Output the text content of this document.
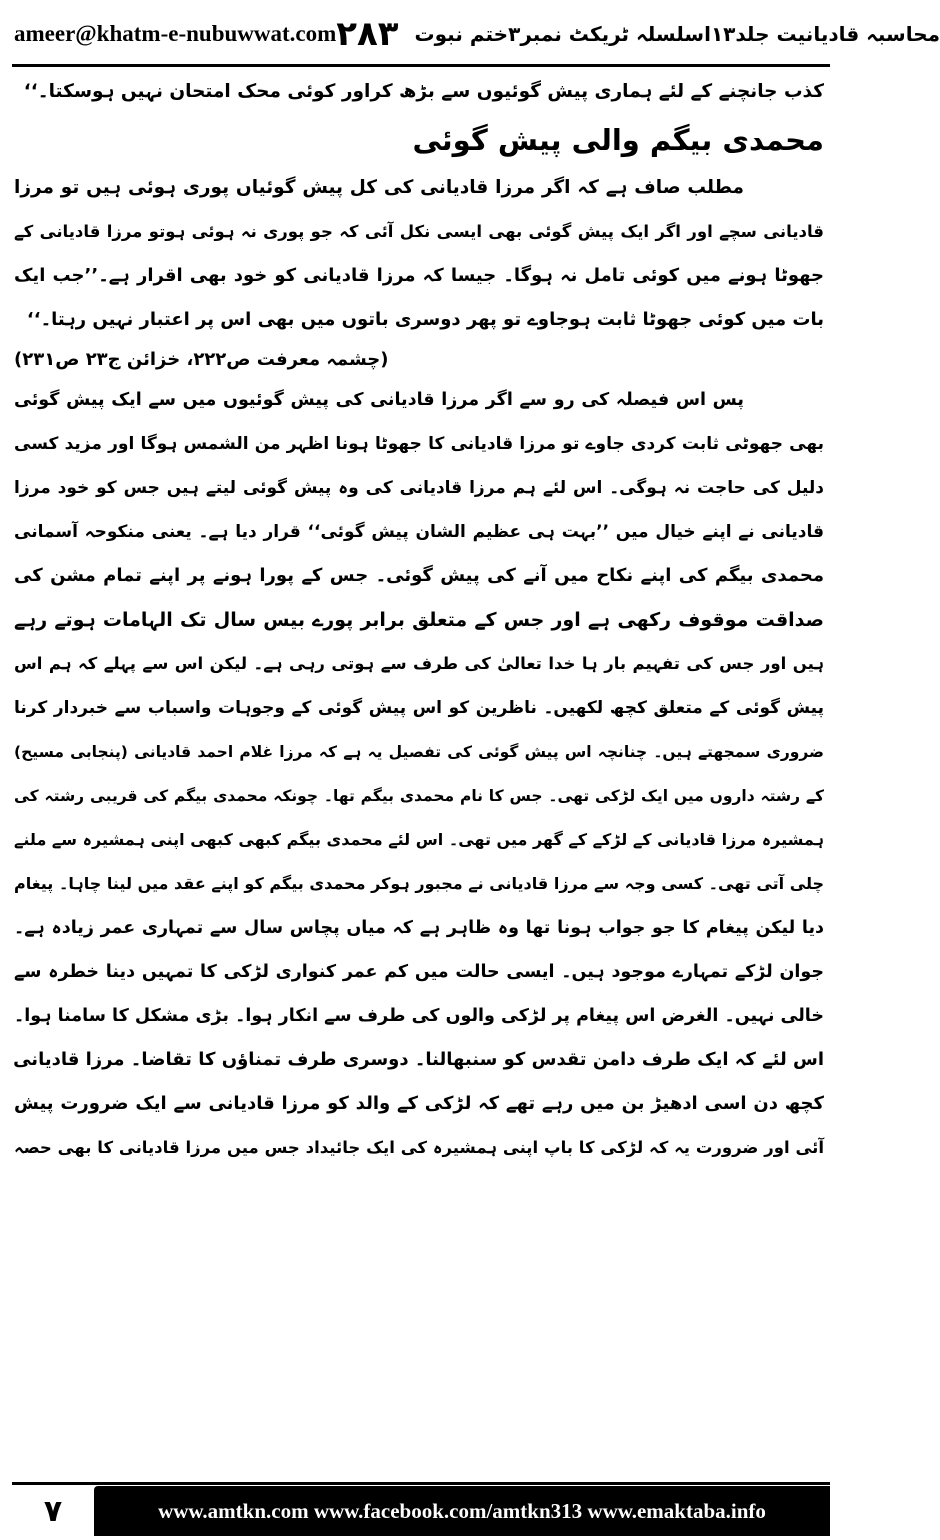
ameer@khatm-e-nubuwwat.com	محاسبہ قادیانیت جلد۱۳اسلسلہ ٹریکٹ نمبر۳ختم نبوت
۲۸۳
کذب جانچنے کے لئے ہماری پیش گوئیوں سے بڑھ کراور کوئی محک امتحان نہیں ہوسکتا۔‘‘
محمدی بیگم والی پیش گوئی
مطلب صاف ہے کہ اگر مرزا قادیانی کی کل پیش گوئیاں پوری ہوئی ہیں تو مرزا
قادیانی سچے اور اگر ایک پیش گوئی بھی ایسی نکل آئی کہ جو پوری نہ ہوئی ہوتو مرزا قادیانی کے
جھوٹا ہونے میں کوئی تامل نہ ہوگا۔ جیسا کہ مرزا قادیانی کو خود بھی اقرار ہے۔’’جب ایک
بات میں کوئی جھوٹا ثابت ہوجاوے تو پھر دوسری باتوں میں بھی اس پر اعتبار نہیں رہتا۔‘‘
(چشمہ معرفت ص۲۲۲، خزائن ج۲۳ ص۲۳۱)
پس اس فیصلہ کی رو سے اگر مرزا قادیانی کی پیش گوئیوں میں سے ایک پیش گوئی
بھی جھوٹی ثابت کردی جاوے تو مرزا قادیانی کا جھوٹا ہونا اظہر من الشمس ہوگا اور مزید کسی
دلیل کی حاجت نہ ہوگی۔ اس لئے ہم مرزا قادیانی کی وہ پیش گوئی لیتے ہیں جس کو خود مرزا
قادیانی نے اپنے خیال میں ’’بہت ہی عظیم الشان پیش گوئی‘‘ قرار دیا ہے۔ یعنی منکوحہ آسمانی
محمدی بیگم کی اپنے نکاح میں آنے کی پیش گوئی۔ جس کے پورا ہونے پر اپنے تمام مشن کی
صداقت موقوف رکھی ہے اور جس کے متعلق برابر پورے بیس سال تک الہامات ہوتے رہے
ہیں اور جس کی تفہیم بار ہا خدا تعالیٰ کی طرف سے ہوتی رہی ہے۔ لیکن اس سے پہلے کہ ہم اس
پیش گوئی کے متعلق کچھ لکھیں۔ ناظرین کو اس پیش گوئی کے وجوہات واسباب سے خبردار کرنا
ضروری سمجھتے ہیں۔ چنانچہ اس پیش گوئی کی تفصیل یہ ہے کہ مرزا غلام احمد قادیانی (پنجابی مسیح)
کے رشتہ داروں میں ایک لڑکی تھی۔ جس کا نام محمدی بیگم تھا۔ چونکہ محمدی بیگم کی قریبی رشتہ کی
ہمشیرہ مرزا قادیانی کے لڑکے کے گھر میں تھی۔ اس لئے محمدی بیگم کبھی کبھی اپنی ہمشیرہ سے ملنے
چلی آتی تھی۔ کسی وجہ سے مرزا قادیانی نے مجبور ہوکر محمدی بیگم کو اپنے عقد میں لینا چاہا۔ پیغام
دیا لیکن پیغام کا جو جواب ہونا تھا وہ ظاہر ہے کہ میاں پچاس سال سے تمہاری عمر زیادہ ہے۔
جوان لڑکے تمہارے موجود ہیں۔ ایسی حالت میں کم عمر کنواری لڑکی کا تمہیں دینا خطرہ سے
خالی نہیں۔ الغرض اس پیغام پر لڑکی والوں کی طرف سے انکار ہوا۔ بڑی مشکل کا سامنا ہوا۔
اس لئے کہ ایک طرف دامن تقدس کو سنبھالنا۔ دوسری طرف تمناؤں کا تقاضا۔ مرزا قادیانی
کچھ دن اسی ادھیڑ بن میں رہے تھے کہ لڑکی کے والد کو مرزا قادیانی سے ایک ضرورت پیش
آئی اور ضرورت یہ کہ لڑکی کا باپ اپنی ہمشیرہ کی ایک جائیداد جس میں مرزا قادیانی کا بھی حصہ
۷	www.amtkn.com www.facebook.com/amtkn313 www.emaktaba.info
